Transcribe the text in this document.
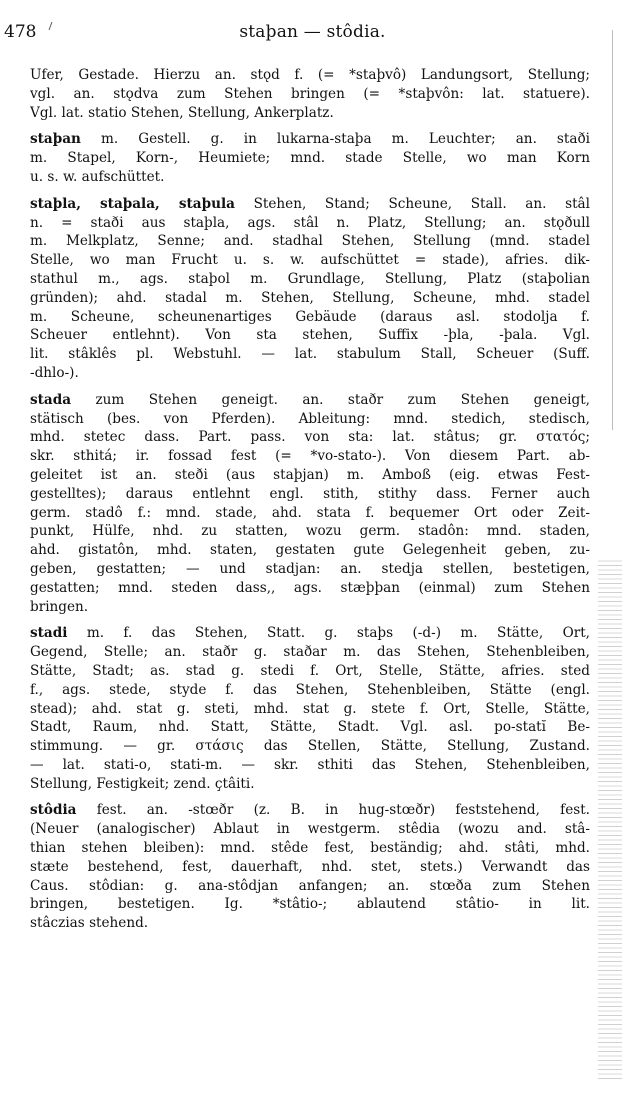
478	staþan — stôdia.
Ufer, Gestade. Hierzu an. stǫd f. (= *staþvô) Landungsort, Stellung;
vgl. an. stǫdva zum Stehen bringen (= *staþvôn: lat. statuere).
Vgl. lat. statio Stehen, Stellung, Ankerplatz.
staþan m. Gestell. g. in lukarna-staþa m. Leuchter; an. staði
m. Stapel, Korn-, Heumiete; mnd. stade Stelle, wo man Korn
u. s. w. aufschüttet.
staþla, staþala, staþula Stehen, Stand; Scheune, Stall. an. stâl
n. = staði aus staþla, ags. stâl n. Platz, Stellung; an. stǫðull
m. Melkplatz, Senne; and. stadhal Stehen, Stellung (mnd. stadel
Stelle, wo man Frucht u. s. w. aufschüttet = stade), afries. dik-
stathul m., ags. staþol m. Grundlage, Stellung, Platz (staþolian
gründen); ahd. stadal m. Stehen, Stellung, Scheune, mhd. stadel
m. Scheune, scheunenartiges Gebäude (daraus asl. stodolja f.
Scheuer entlehnt). Von sta stehen, Suffix -þla, -þala. Vgl.
lit. stâklês pl. Webstuhl. — lat. stabulum Stall, Scheuer (Suff.
-dhlo-).
stada zum Stehen geneigt. an. staðr zum Stehen geneigt,
stätisch (bes. von Pferden). Ableitung: mnd. stedich, stedisch,
mhd. stetec dass. Part. pass. von sta: lat. stâtus; gr. στατός;
skr. sthitá; ir. fossad fest (= *vo-stato-). Von diesem Part. ab-
geleitet ist an. steði (aus staþjan) m. Amboß (eig. etwas Fest-
gestelltes); daraus entlehnt engl. stith, stithy dass. Ferner auch
germ. stadô f.: mnd. stade, ahd. stata f. bequemer Ort oder Zeit-
punkt, Hülfe, nhd. zu statten, wozu germ. stadôn: mnd. staden,
ahd. gistatôn, mhd. staten, gestaten gute Gelegenheit geben, zu-
geben, gestatten; — und stadjan: an. stedja stellen, bestetigen,
gestatten; mnd. steden dass,, ags. stæþþan (einmal) zum Stehen
bringen.
stadi m. f. das Stehen, Statt. g. staþs (-d-) m. Stätte, Ort,
Gegend, Stelle; an. staðr g. staðar m. das Stehen, Stehenbleiben,
Stätte, Stadt; as. stad g. stedi f. Ort, Stelle, Stätte, afries. sted
f., ags. stede, styde f. das Stehen, Stehenbleiben, Stätte (engl.
stead); ahd. stat g. steti, mhd. stat g. stete f. Ort, Stelle, Stätte,
Stadt, Raum, nhd. Statt, Stätte, Stadt. Vgl. asl. po-statĭ Be-
stimmung. — gr. στάσις das Stellen, Stätte, Stellung, Zustand.
— lat. stati-o, stati-m. — skr. sthiti das Stehen, Stehenbleiben,
Stellung, Festigkeit; zend. çtâiti.
stôdia fest. an. -stœðr (z. B. in hug-stœðr) feststehend, fest.
(Neuer (analogischer) Ablaut in westgerm. stêdia (wozu and. stâ-
thian stehen bleiben): mnd. stêde fest, beständig; ahd. stâti, mhd.
stæte bestehend, fest, dauerhaft, nhd. stet, stets.) Verwandt das
Caus. stôdian: g. ana-stôdjan anfangen; an. stœða zum Stehen
bringen, bestetigen. Ig. *stâtio-; ablautend stâtio- in lit.
stâczias stehend.
